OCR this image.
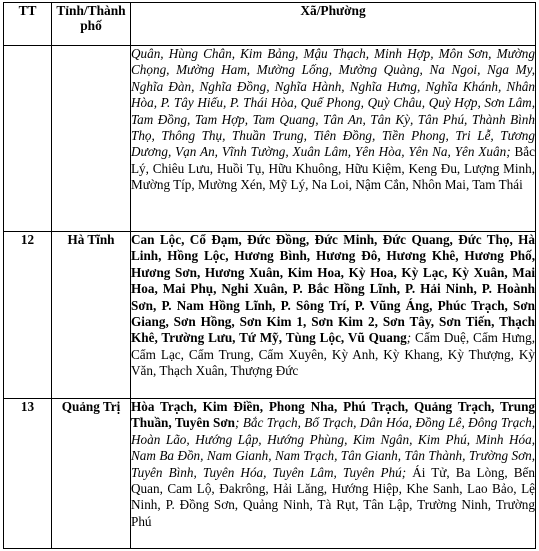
TT	Tỉnh/Thành phố	Xã/Phường
		Quân, Hùng Chân, Kim Bảng, Mậu Thạch, Minh Hợp, Môn Sơn, Mường Chọng, Mường Ham, Mường Lống, Mường Quàng, Na Ngoi, Nga My, Nghĩa Đàn, Nghĩa Đồng, Nghĩa Hành, Nghĩa Hưng, Nghĩa Khánh, Nhân Hòa, P. Tây Hiếu, P. Thái Hòa, Quế Phong, Quỳ Châu, Quỳ Hợp, Sơn Lâm, Tam Đồng, Tam Hợp, Tam Quang, Tân An, Tân Kỳ, Tân Phú, Thành Bình Thọ, Thông Thụ, Thuần Trung, Tiên Đồng, Tiền Phong, Tri Lễ, Tương Dương, Vạn An, Vĩnh Tường, Xuân Lâm, Yên Hòa, Yên Na, Yên Xuân; Bắc Lý, Chiêu Lưu, Huồi Tụ, Hữu Khuông, Hữu Kiệm, Keng Đu, Lượng Minh, Mường Típ, Mường Xén, Mỹ Lý, Na Loi, Nậm Cắn, Nhôn Mai, Tam Thái
12	Hà Tĩnh	Can Lộc, Cổ Đạm, Đức Đồng, Đức Minh, Đức Quang, Đức Thọ, Hà Linh, Hồng Lộc, Hương Bình, Hương Đô, Hương Khê, Hương Phố, Hương Sơn, Hương Xuân, Kim Hoa, Kỳ Hoa, Kỳ Lạc, Kỳ Xuân, Mai Hoa, Mai Phụ, Nghi Xuân, P. Bắc Hồng Lĩnh, P. Hải Ninh, P. Hoành Sơn, P. Nam Hồng Lĩnh, P. Sông Trí, P. Vũng Áng, Phúc Trạch, Sơn Giang, Sơn Hồng, Sơn Kim 1, Sơn Kim 2, Sơn Tây, Sơn Tiến, Thạch Khê, Trường Lưu, Tứ Mỹ, Tùng Lộc, Vũ Quang; Cẩm Duệ, Cẩm Hưng, Cẩm Lạc, Cẩm Trung, Cẩm Xuyên, Kỳ Anh, Kỳ Khang, Kỳ Thượng, Kỳ Văn, Thạch Xuân, Thượng Đức
13	Quảng Trị	Hòa Trạch, Kim Điền, Phong Nha, Phú Trạch, Quảng Trạch, Trung Thuần, Tuyên Sơn; Bắc Trạch, Bố Trạch, Dân Hóa, Đồng Lê, Đông Trạch, Hoàn Lão, Hướng Lập, Hướng Phùng, Kim Ngân, Kim Phú, Minh Hóa, Nam Ba Đồn, Nam Gianh, Nam Trạch, Tân Gianh, Tân Thành, Trường Sơn, Tuyên Bình, Tuyên Hóa, Tuyên Lâm, Tuyên Phú; Ái Tử, Ba Lòng, Bến Quan, Cam Lộ, Đakrông, Hải Lăng, Hướng Hiệp, Khe Sanh, Lao Bảo, Lệ Ninh, P. Đồng Sơn, Quảng Ninh, Tà Rụt, Tân Lập, Trường Ninh, Trường Phú
